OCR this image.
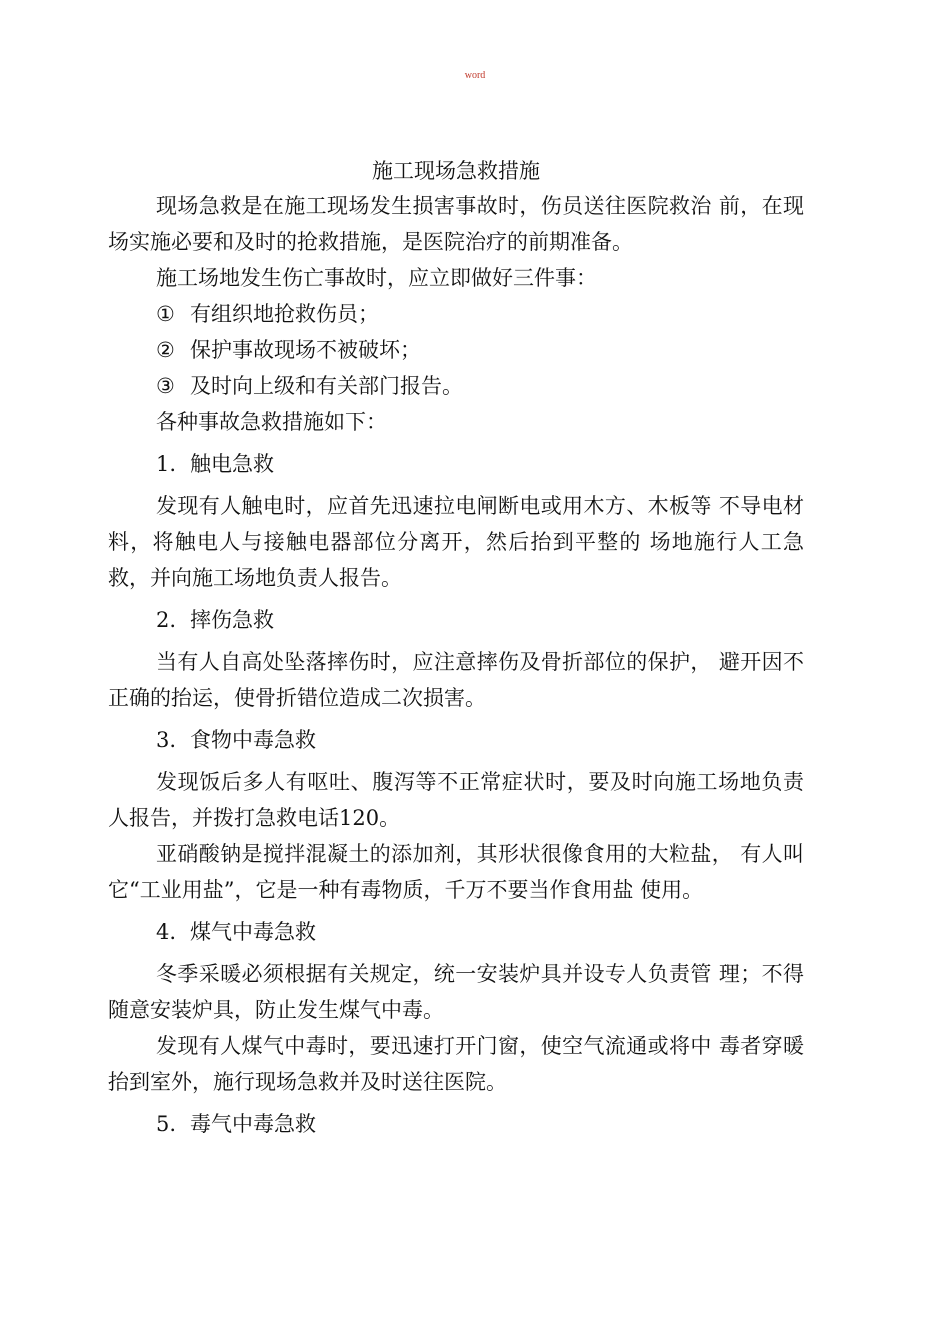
word
施工现场急救措施

现场急救是在施工现场发生损害事故时，伤员送往医院救治 前，在现场实施必要和及时的抢救措施，是医院治疗的前期准备。

施工场地发生伤亡事故时，应立即做好三件事：

① 有组织地抢救伤员；

② 保护事故现场不被破坏；

③ 及时向上级和有关部门报告。

各种事故急救措施如下：

1. 触电急救

发现有人触电时，应首先迅速拉电闸断电或用木方、木板等 不导电材料，将触电人与接触电器部位分离开，然后抬到平整的 场地施行人工急救，并向施工场地负责人报告。

2. 摔伤急救

当有人自高处坠落摔伤时，应注意摔伤及骨折部位的保护， 避开因不正确的抬运，使骨折错位造成二次损害。

3. 食物中毒急救

发现饭后多人有呕吐、腹泻等不正常症状时，要及时向施工场地负责人报告，并拨打急救电话120。

亚硝酸钠是搅拌混凝土的添加剂，其形状很像食用的大粒盐， 有人叫它“工业用盐”，它是一种有毒物质，千万不要当作食用盐 使用。

4. 煤气中毒急救

冬季采暖必须根据有关规定，统一安装炉具并设专人负责管 理；不得随意安装炉具，防止发生煤气中毒。

发现有人煤气中毒时，要迅速打开门窗，使空气流通或将中 毒者穿暖抬到室外，施行现场急救并及时送往医院。

5. 毒气中毒急救
